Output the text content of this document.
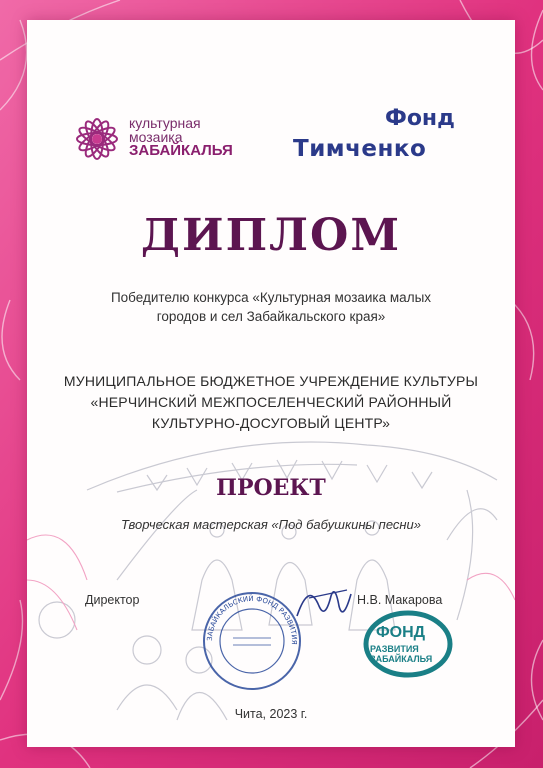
культурная
мозаика
ЗАБАЙКАЛЬЯ
Фонд
Тимченко
ДИПЛОМ
Победителю конкурса «Культурная мозаика малых
городов и сел Забайкальского края»
МУНИЦИПАЛЬНОЕ БЮДЖЕТНОЕ УЧРЕЖДЕНИЕ КУЛЬТУРЫ
«НЕРЧИНСКИЙ МЕЖПОСЕЛЕНЧЕСКИЙ РАЙОННЫЙ
КУЛЬТУРНО-ДОСУГОВЫЙ ЦЕНТР»
ПРОЕКТ
Творческая мастерская «Под бабушкины песни»
Директор	Н.В. Макарова
ЗАБАЙКАЛЬСКИЙ ФОНД РАЗВИТИЯ
ФОНД
РАЗВИТИЯ
ЗАБАЙКАЛЬЯ
Чита, 2023 г.
